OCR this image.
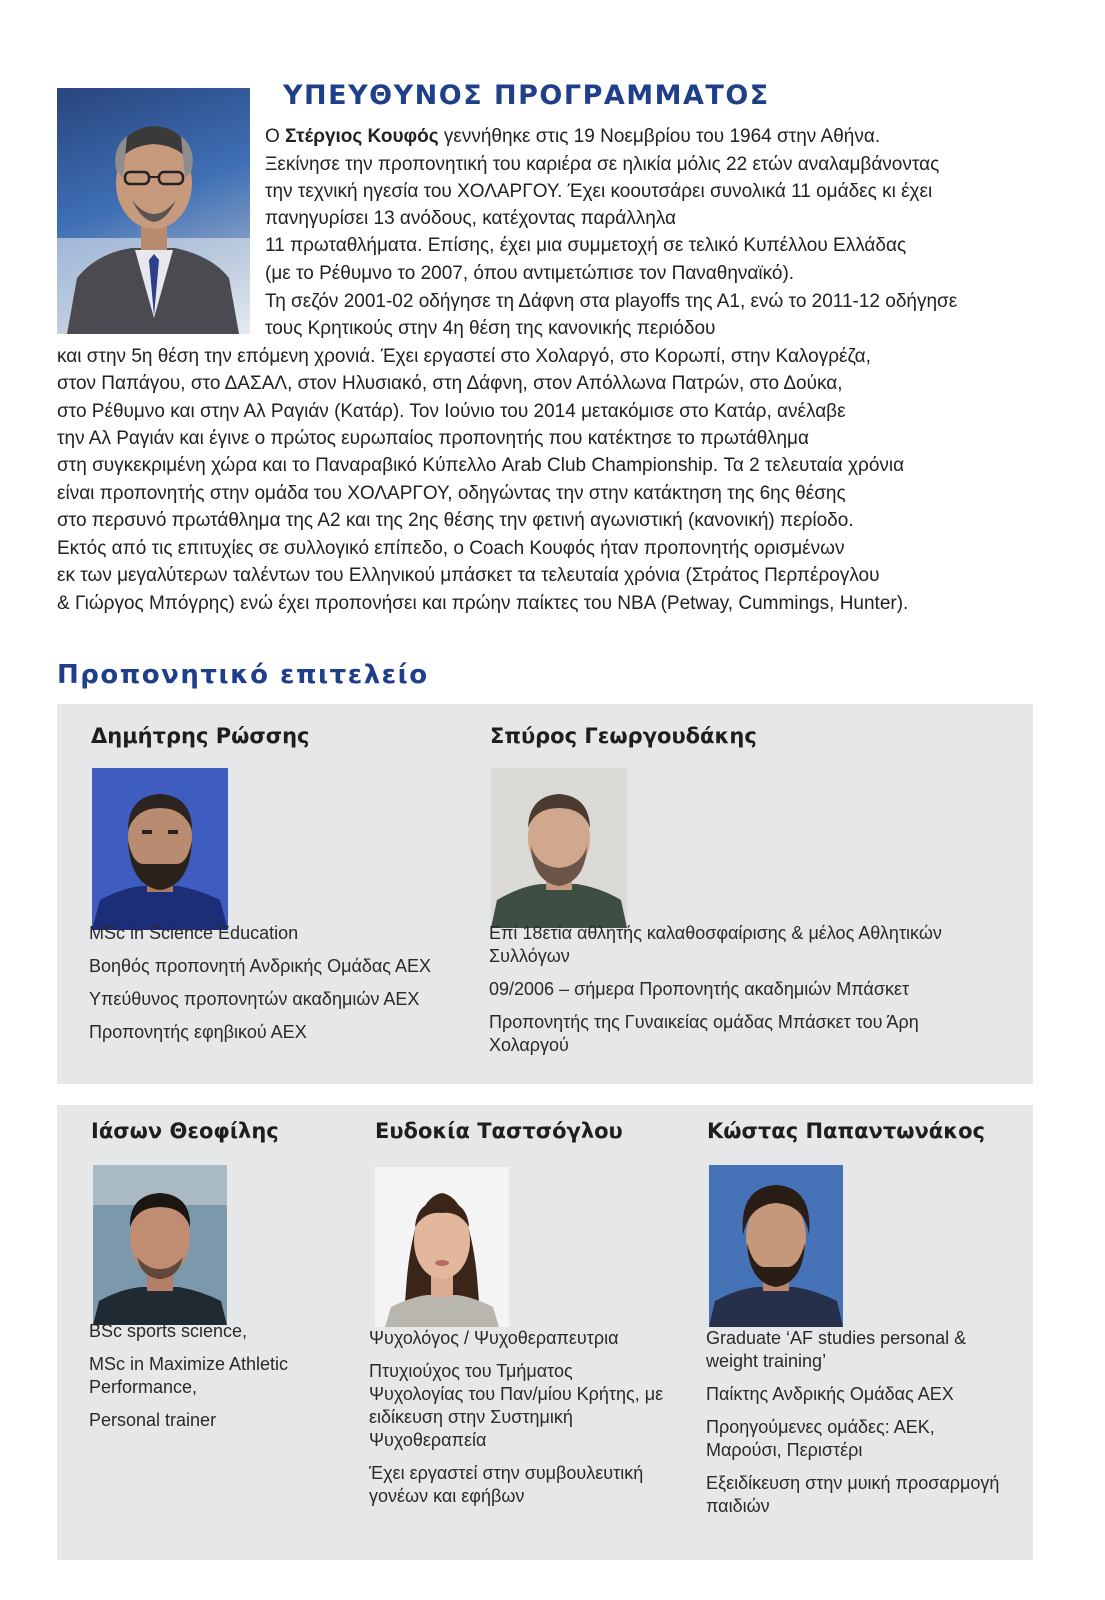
ΥΠΕΥΘΥΝΟΣ ΠΡΟΓΡΑΜΜΑΤΟΣ
Ο Στέργιος Κουφός γεννήθηκε στις 19 Νοεμβρίου του 1964 στην Αθήνα.
Ξεκίνησε την προπονητική του καριέρα σε ηλικία μόλις 22 ετών αναλαμβάνοντας
την τεχνική ηγεσία του ΧΟΛΑΡΓΟΥ. Έχει κοουτσάρει συνολικά 11 ομάδες κι έχει
πανηγυρίσει 13 ανόδους, κατέχοντας παράλληλα
11 πρωταθλήματα. Επίσης, έχει μια συμμετοχή σε τελικό Κυπέλλου Ελλάδας
(με το Ρέθυμνο το 2007, όπου αντιμετώπισε τον Παναθηναϊκό).
Τη σεζόν 2001-02 οδήγησε τη Δάφνη στα playoffs της Α1, ενώ το 2011-12 οδήγησε
τους Κρητικούς στην 4η θέση της κανονικής περιόδου
και στην 5η θέση την επόμενη χρονιά. Έχει εργαστεί στο Χολαργό, στο Κορωπί, στην Καλογρέζα,
στον Παπάγου, στο ΔΑΣΑΛ, στον Ηλυσιακό, στη Δάφνη, στον Απόλλωνα Πατρών, στο Δούκα,
στο Ρέθυμνο και στην Αλ Ραγιάν (Κατάρ). Τον Ιούνιο του 2014 μετακόμισε στο Κατάρ, ανέλαβε
την Αλ Ραγιάν και έγινε ο πρώτος ευρωπαίος προπονητής που κατέκτησε το πρωτάθλημα
στη συγκεκριμένη χώρα και το Παναραβικό Κύπελλο Arab Club Championship. Τα 2 τελευταία χρόνια
είναι προπονητής στην ομάδα του ΧΟΛΑΡΓΟΥ, οδηγώντας την στην κατάκτηση της 6ης θέσης
στο περσυνό πρωτάθλημα της Α2 και της 2ης θέσης την φετινή αγωνιστική (κανονική) περίοδο.
Εκτός από τις επιτυχίες σε συλλογικό επίπεδο, ο Coach Κουφός ήταν προπονητής ορισμένων
εκ των μεγαλύτερων ταλέντων του Ελληνικού μπάσκετ τα τελευταία χρόνια (Στράτος Περπέρογλου
& Γιώργος Μπόγρης) ενώ έχει προπονήσει και πρώην παίκτες του NBA (Petway, Cummings, Hunter).
Προπονητικό επιτελείο
Δημήτρης Ρώσσης
MSc in Science Education
Βοηθός προπονητή Ανδρικής Ομάδας ΑΕΧ
Υπεύθυνος προπονητών ακαδημιών ΑΕΧ
Προπονητής εφηβικού ΑΕΧ
Σπύρος Γεωργουδάκης
Επί 18ετία αθλητής καλαθοσφαίρισης & μέλος Αθλητικών Συλλόγων
09/2006 – σήμερα Προπονητής ακαδημιών Μπάσκετ
Προπονητής της Γυναικείας ομάδας Μπάσκετ του Άρη Χολαργού
Ιάσων Θεοφίλης
BSc sports science,
MSc in Maximize Athletic Performance,
Personal trainer
Ευδοκία Ταστσόγλου
Ψυχολόγος / Ψυχοθεραπευτρια
Πτυχιούχος του Τμήματος Ψυχολογίας του Παν/μίου Κρήτης, με ειδίκευση στην Συστημική Ψυχοθεραπεία
Έχει εργαστεί στην συμβουλευτική γονέων και εφήβων
Κώστας Παπαντωνάκος
Graduate ‘AF studies personal & weight training’
Παίκτης Ανδρικής Ομάδας ΑΕΧ
Προηγούμενες ομάδες: ΑΕΚ, Μαρούσι, Περιστέρι
Εξειδίκευση στην μυική προσαρμογή παιδιών
